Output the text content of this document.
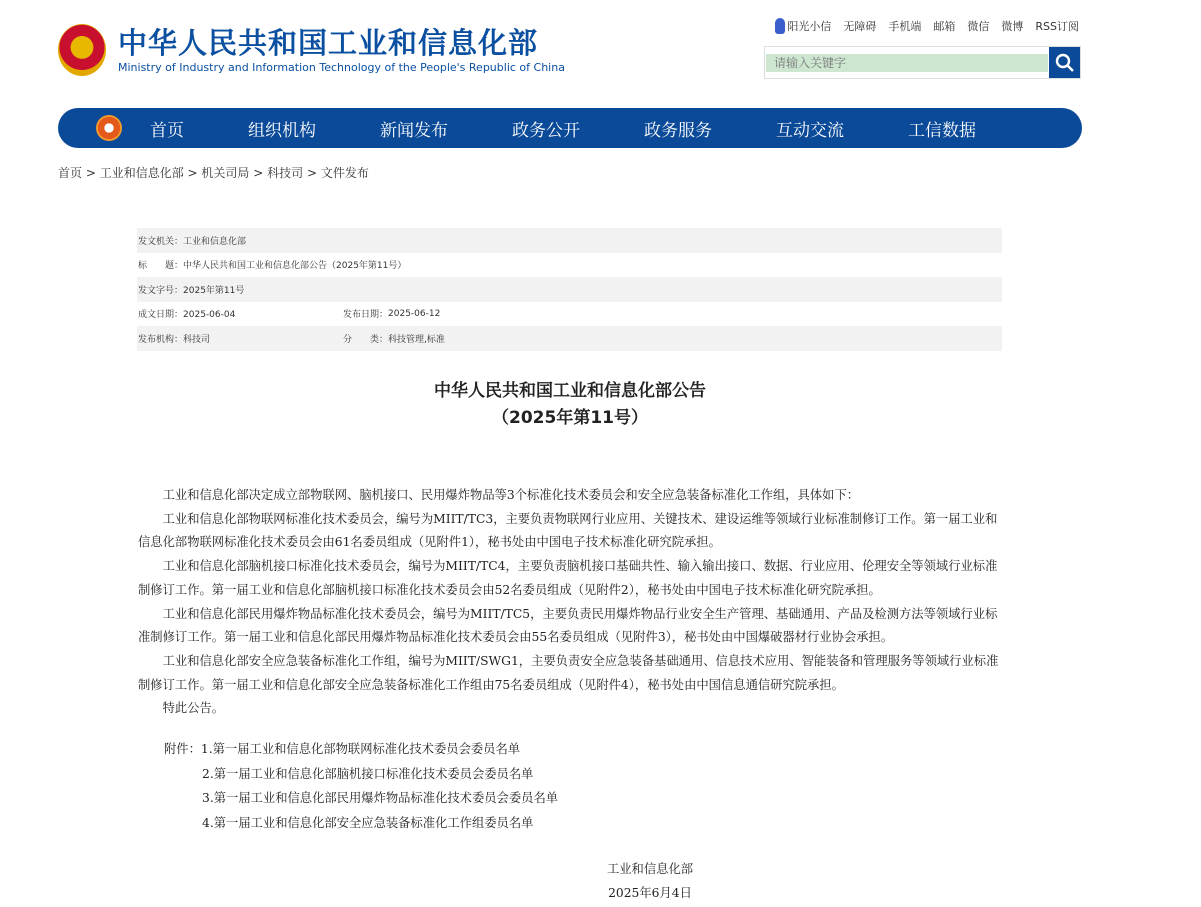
中华人民共和国工业和信息化部
Ministry of Industry and Information Technology of the People's Republic of China
阳光小信 无障碍 手机端 邮箱 微信 微博 RSS订阅
请输入关键字
首页	组织机构	新闻发布	政务公开	政务服务	互动交流	工信数据
首页 > 工业和信息化部 > 机关司局 > 科技司 > 文件发布
发文机关： 工业和信息化部
标　　题： 中华人民共和国工业和信息化部公告（2025年第11号）
发文字号： 2025年第11号
成文日期：2025-06-04	发布日期： 2025-06-12
发布机构：科技司	分　　类： 科技管理,标准
中华人民共和国工业和信息化部公告
（2025年第11号）

工业和信息化部决定成立部物联网、脑机接口、民用爆炸物品等3个标准化技术委员会和安全应急装备标准化工作组，具体如下：

工业和信息化部物联网标准化技术委员会，编号为MIIT/TC3，主要负责物联网行业应用、关键技术、建设运维等领域行业标准制修订工作。第一届工业和信息化部物联网标准化技术委员会由61名委员组成（见附件1），秘书处由中国电子技术标准化研究院承担。

工业和信息化部脑机接口标准化技术委员会，编号为MIIT/TC4，主要负责脑机接口基础共性、输入输出接口、数据、行业应用、伦理安全等领域行业标准制修订工作。第一届工业和信息化部脑机接口标准化技术委员会由52名委员组成（见附件2），秘书处由中国电子技术标准化研究院承担。

工业和信息化部民用爆炸物品标准化技术委员会，编号为MIIT/TC5，主要负责民用爆炸物品行业安全生产管理、基础通用、产品及检测方法等领域行业标准制修订工作。第一届工业和信息化部民用爆炸物品标准化技术委员会由55名委员组成（见附件3），秘书处由中国爆破器材行业协会承担。

工业和信息化部安全应急装备标准化工作组，编号为MIIT/SWG1，主要负责安全应急装备基础通用、信息技术应用、智能装备和管理服务等领域行业标准制修订工作。第一届工业和信息化部安全应急装备标准化工作组由75名委员组成（见附件4），秘书处由中国信息通信研究院承担。

特此公告。

附件：1.第一届工业和信息化部物联网标准化技术委员会委员名单
2.第一届工业和信息化部脑机接口标准化技术委员会委员名单
3.第一届工业和信息化部民用爆炸物品标准化技术委员会委员名单
4.第一届工业和信息化部安全应急装备标准化工作组委员名单
工业和信息化部
2025年6月4日
